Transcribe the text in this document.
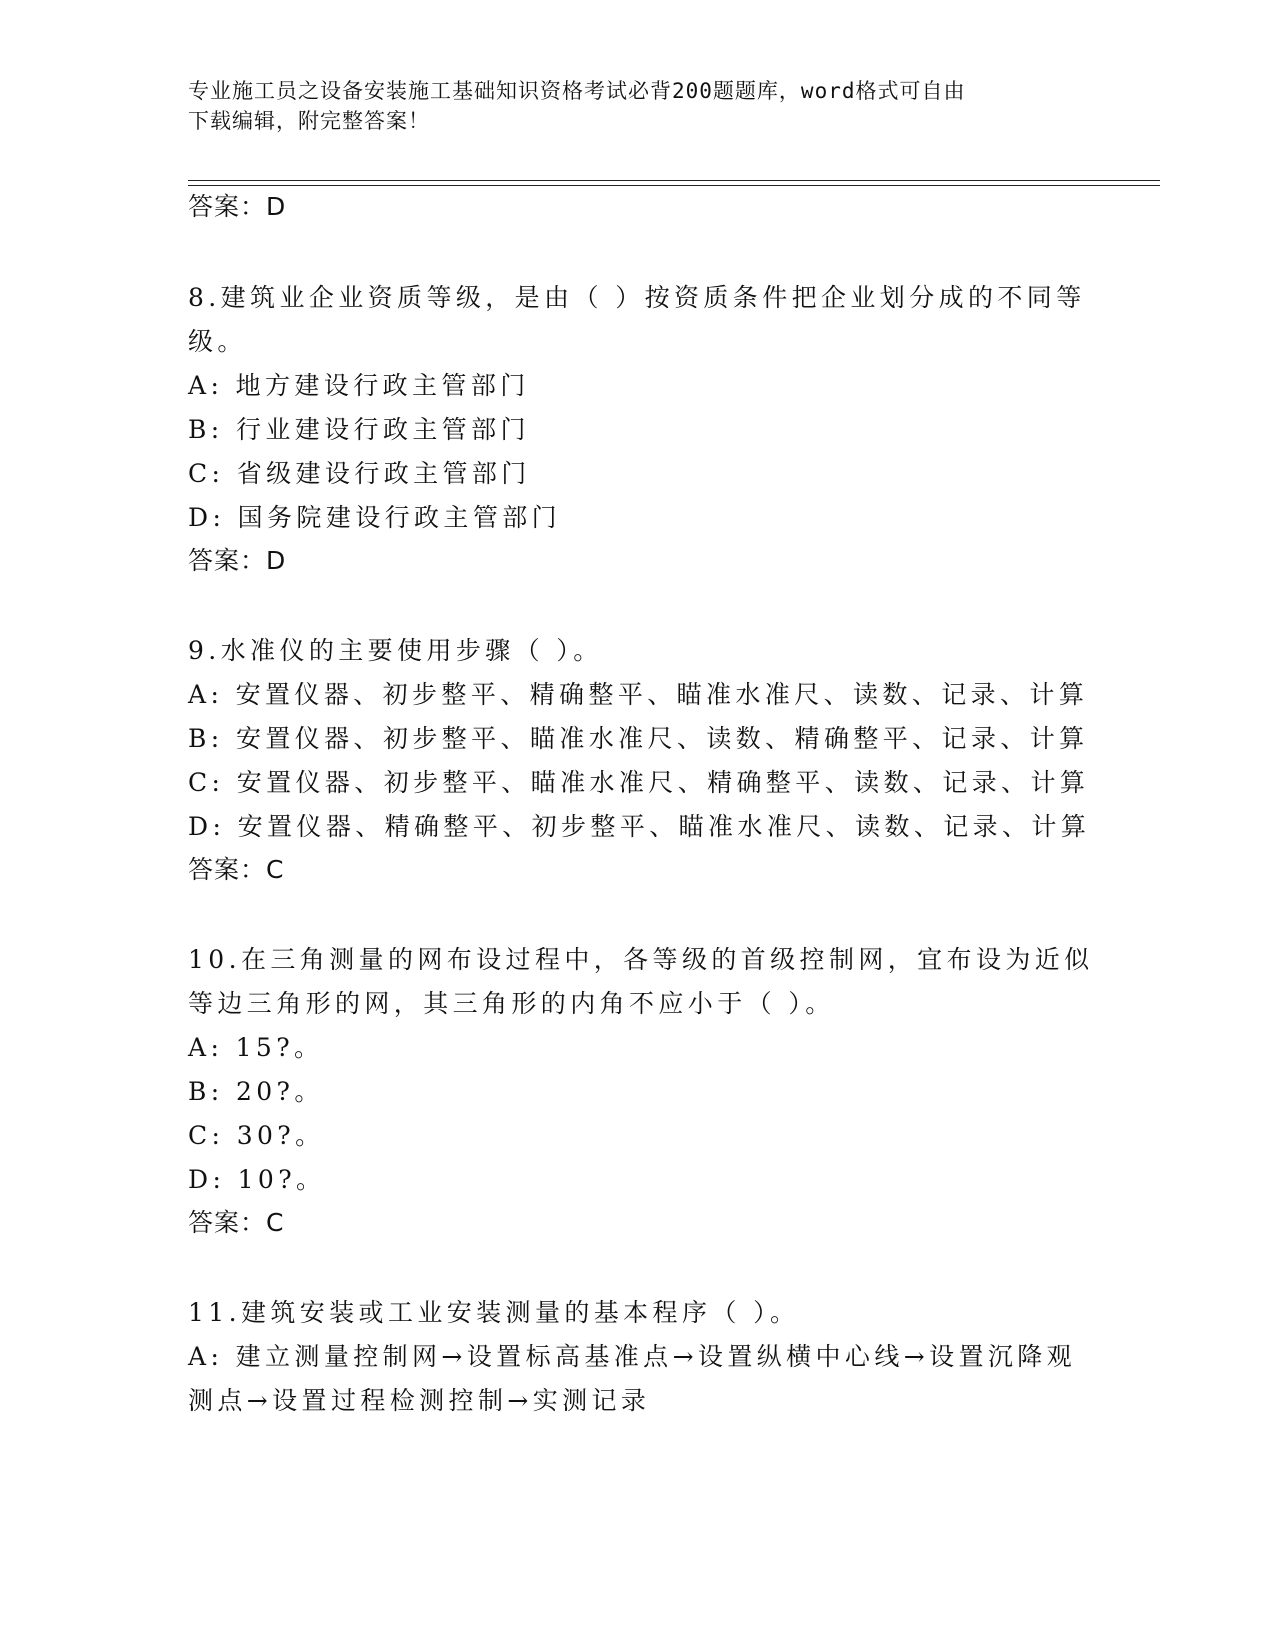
专业施工员之设备安装施工基础知识资格考试必背200题题库，word格式可自由
下载编辑，附完整答案！
答案：D
8.建筑业企业资质等级，是由（ ）按资质条件把企业划分成的不同等
级。
A: 地方建设行政主管部门
B: 行业建设行政主管部门
C: 省级建设行政主管部门
D: 国务院建设行政主管部门
答案：D
9.水准仪的主要使用步骤（ ）。
A: 安置仪器、初步整平、精确整平、瞄准水准尺、读数、记录、计算
B: 安置仪器、初步整平、瞄准水准尺、读数、精确整平、记录、计算
C: 安置仪器、初步整平、瞄准水准尺、精确整平、读数、记录、计算
D: 安置仪器、精确整平、初步整平、瞄准水准尺、读数、记录、计算
答案：C
10.在三角测量的网布设过程中，各等级的首级控制网，宜布设为近似
等边三角形的网，其三角形的内角不应小于（ ）。
A: 15?。
B: 20?。
C: 30?。
D: 10?。
答案：C
11.建筑安装或工业安装测量的基本程序（ ）。
A: 建立测量控制网→设置标高基准点→设置纵横中心线→设置沉降观
测点→设置过程检测控制→实测记录
